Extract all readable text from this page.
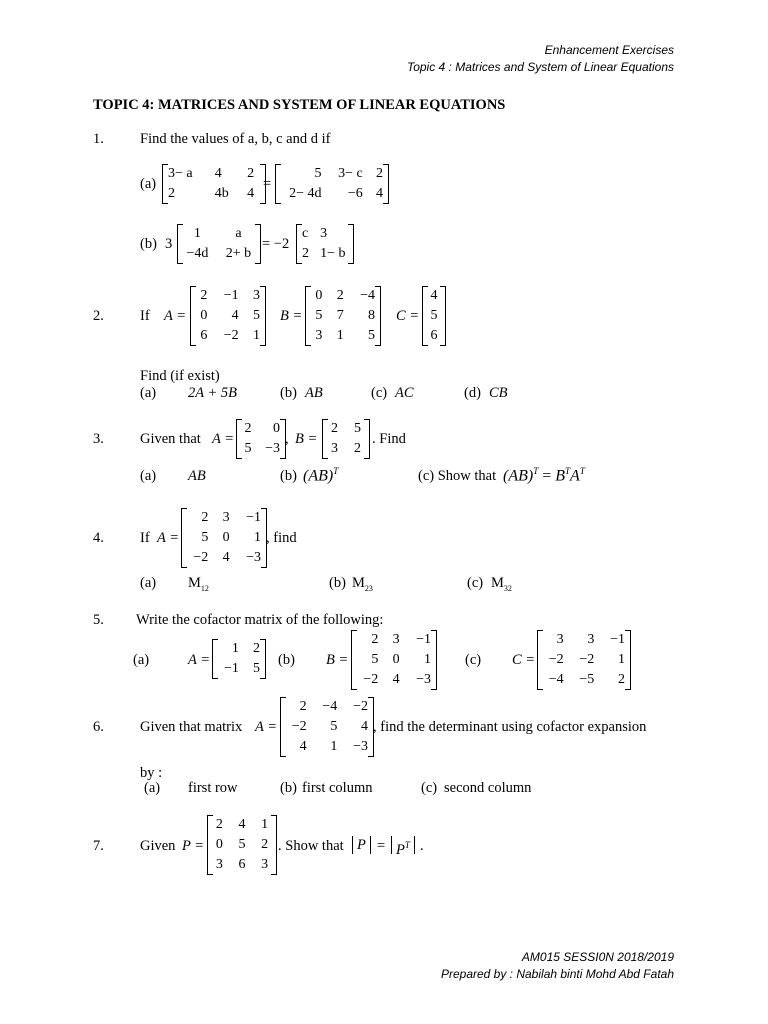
Enhancement Exercises
Topic 4 : Matrices and System of Linear Equations
TOPIC 4: MATRICES AND SYSTEM OF LINEAR EQUATIONS
1. Find the values of a, b, c and d if
(a)
3− a	4	2
2	4b	4
=
5	3− c	2
2− 4d	−6	4
(b) 3
1	a
−4d	2+ b
= −2
c	3
2	1− b
2. If A =
2	−1	3
0	4	5
6	−2	1
B =
0	2	−4
5	7	8
3	1	5
C =
4
5
6
Find (if exist)
(a) 2A + 5B	(b) AB	(c) AC	(d) CB
3. Given that A =
2	0
5	−3
, B =
2	5
3	2
. Find
(a) AB	(b) (AB)$^T$	(c) Show that $(AB)^T = B^TA^T$
4. If A =
2	3	−1
5	0	1
−2	4	−3
, find
(a) $M_{12}$	(b) $M_{23}$	(c) $M_{32}$
5. Write the cofactor matrix of the following:
(a)	A =
1	2
−1	5
(b) B =
2	3	−1
5	0	1
−2	4	−3
(c) C =
3	3	−1
−2	−2	1
−4	−5	2
6. Given that matrix A =
2	−4	−2
−2	5	4
4	1	−3
, find the determinant using cofactor expansion
by :
(a) first row	(b) first column	(c) second column
7. Given P =
2	4	1
0	5	2
3	6	3
. Show that $P = P^T$ .
AM015 SESSI0N 2018/2019
Prepared by : Nabilah binti Mohd Abd Fatah
